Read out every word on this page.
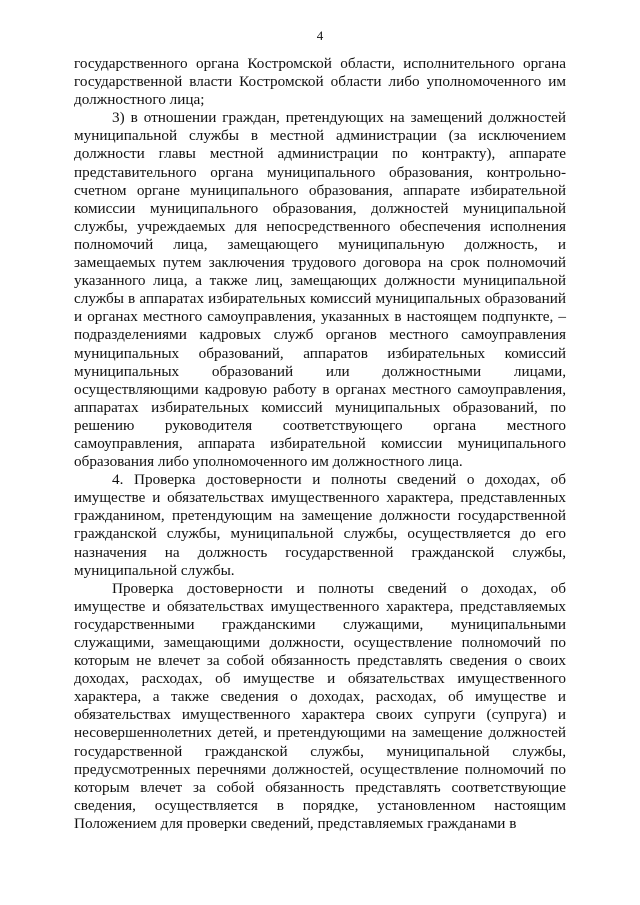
4

государственного органа Костромской области, исполнительного органа государственной власти Костромской области либо уполномоченного им должностного лица;

3) в отношении граждан, претендующих на замещений должностей муниципальной службы в местной администрации (за исключением должности главы местной администрации по контракту), аппарате представительного органа муниципального образования, контрольно-счетном органе муниципального образования, аппарате избирательной комиссии муниципального образования, должностей муниципальной службы, учреждаемых для непосредственного обеспечения исполнения полномочий лица, замещающего муниципальную должность, и замещаемых путем заключения трудового договора на срок полномочий указанного лица, а также лиц, замещающих должности муниципальной службы в аппаратах избирательных комиссий муниципальных образований и органах местного самоуправления, указанных в настоящем подпункте, – подразделениями кадровых служб органов местного самоуправления муниципальных образований, аппаратов избирательных комиссий муниципальных образований или должностными лицами, осуществляющими кадровую работу в органах местного самоуправления, аппаратах избирательных комиссий муниципальных образований, по решению руководителя соответствующего органа местного самоуправления, аппарата избирательной комиссии муниципального образования либо уполномоченного им должностного лица.

4. Проверка достоверности и полноты сведений о доходах, об имуществе и обязательствах имущественного характера, представленных гражданином, претендующим на замещение должности государственной гражданской службы, муниципальной службы, осуществляется до его назначения на должность государственной гражданской службы, муниципальной службы.

Проверка достоверности и полноты сведений о доходах, об имуществе и обязательствах имущественного характера, представляемых государственными гражданскими служащими, муниципальными служащими, замещающими должности, осуществление полномочий по которым не влечет за собой обязанность представлять сведения о своих доходах, расходах, об имуществе и обязательствах имущественного характера, а также сведения о доходах, расходах, об имуществе и обязательствах имущественного характера своих супруги (супруга) и несовершеннолетних детей, и претендующими на замещение должностей государственной гражданской службы, муниципальной службы, предусмотренных перечнями должностей, осуществление полномочий по которым влечет за собой обязанность представлять соответствующие сведения, осуществляется в порядке, установленном настоящим Положением для проверки сведений, представляемых гражданами в
